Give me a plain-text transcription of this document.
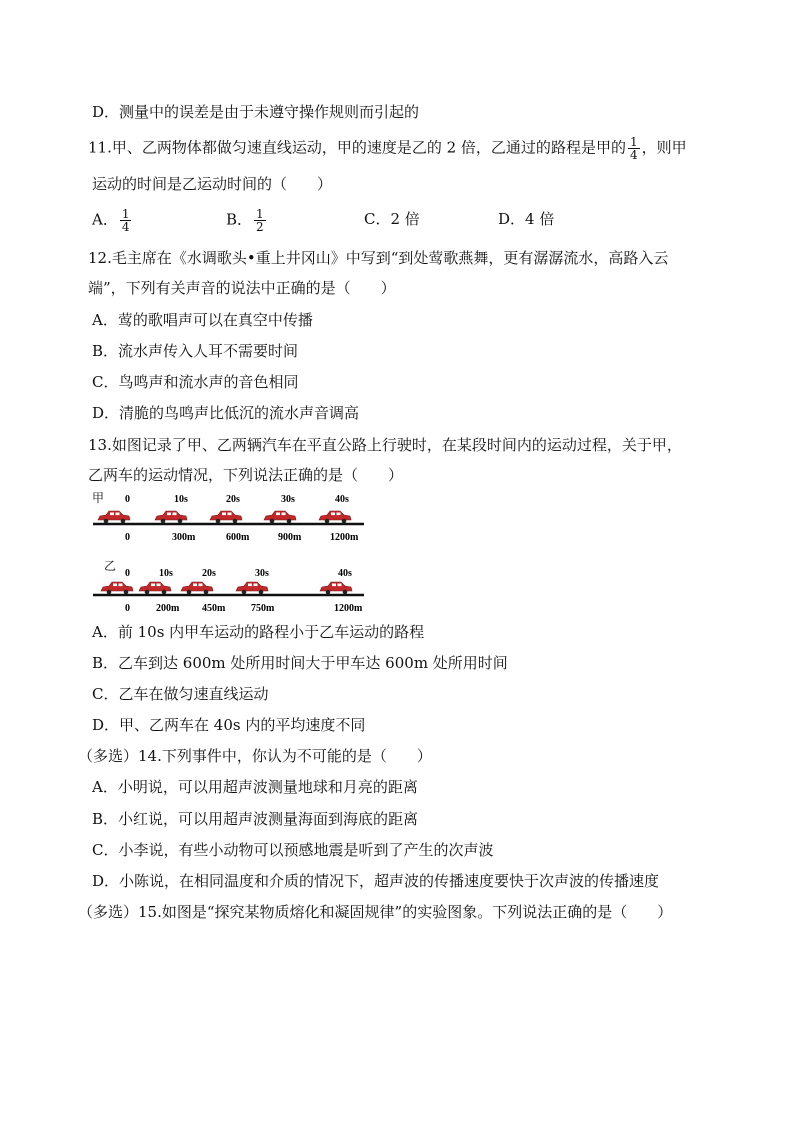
D．测量中的误差是由于未遵守操作规则而引起的
11.甲、乙两物体都做匀速直线运动，甲的速度是乙的 2 倍，乙通过的路程是甲的 $\frac{1}{4}$ ，则甲
运动的时间是乙运动时间的（　　）
A． $\frac{1}{4}$	B． $\frac{1}{2}$	C．2 倍	D．4 倍
12.毛主席在《水调歌头•重上井冈山》中写到“到处莺歌燕舞，更有潺潺流水，高路入云
端”，下列有关声音的说法中正确的是（　　）
A．莺的歌唱声可以在真空中传播
B．流水声传入人耳不需要时间
C．鸟鸣声和流水声的音色相同
D．清脆的鸟鸣声比低沉的流水声音调高
13.如图记录了甲、乙两辆汽车在平直公路上行驶时，在某段时间内的运动过程，关于甲，
乙两车的运动情况，下列说法正确的是（　　）
甲 0	10s	20s	30s	40s
0	300m	600m	900m	1200m
乙
0	10s	20s	30s	40s
0	200m 450m	750m	1200m
A．前 10s 内甲车运动的路程小于乙车运动的路程
B．乙车到达 600m 处所用时间大于甲车达 600m 处所用时间
C．乙车在做匀速直线运动
D．甲、乙两车在 40s 内的平均速度不同
（多选）14.下列事件中，你认为不可能的是（　　）
A．小明说，可以用超声波测量地球和月亮的距离
B．小红说，可以用超声波测量海面到海底的距离
C．小李说，有些小动物可以预感地震是听到了产生的次声波
D．小陈说，在相同温度和介质的情况下，超声波的传播速度要快于次声波的传播速度
（多选）15.如图是“探究某物质熔化和凝固规律”的实验图象。下列说法正确的是（　　）
